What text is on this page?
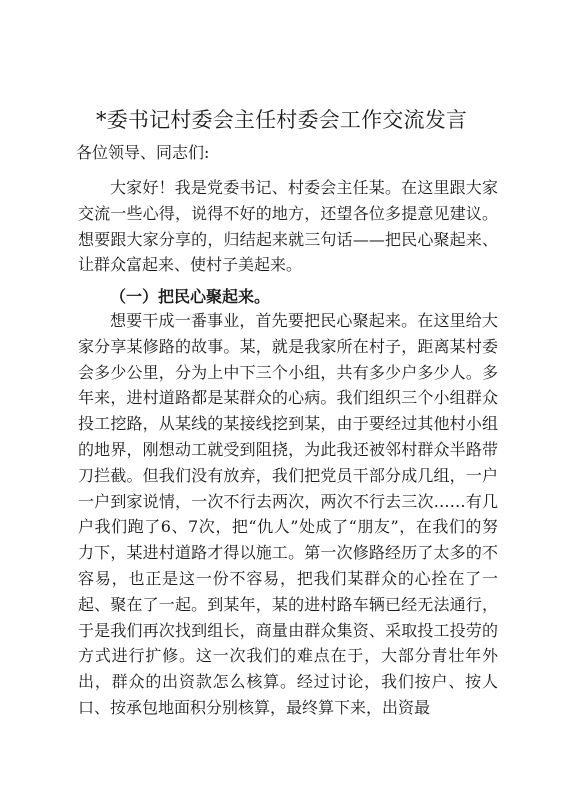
*委书记村委会主任村委会工作交流发言
各位领导、同志们:
大家好！我是党委书记、村委会主任某。在这里跟大家交流一些心得，说得不好的地方，还望各位多提意见建议。想要跟大家分享的，归结起来就三句话——把民心聚起来、让群众富起来、使村子美起来。
（一）把民心聚起来。
想要干成一番事业，首先要把民心聚起来。在这里给大家分享某修路的故事。某，就是我家所在村子，距离某村委会多少公里，分为上中下三个小组，共有多少户多少人。多年来，进村道路都是某群众的心病。我们组织三个小组群众投工挖路，从某线的某接线挖到某，由于要经过其他村小组的地界，刚想动工就受到阻挠，为此我还被邻村群众半路带刀拦截。但我们没有放弃，我们把党员干部分成几组，一户一户到家说情，一次不行去两次，两次不行去三次……有几户我们跑了6、7次，把“仇人”处成了“朋友”，在我们的努力下，某进村道路才得以施工。第一次修路经历了太多的不容易，也正是这一份不容易，把我们某群众的心拴在了一起、聚在了一起。到某年，某的进村路车辆已经无法通行，于是我们再次找到组长，商量由群众集资、采取投工投劳的方式进行扩修。这一次我们的难点在于，大部分青壮年外出，群众的出资款怎么核算。经过讨论，我们按户、按人口、按承包地面积分别核算，最终算下来，出资最
